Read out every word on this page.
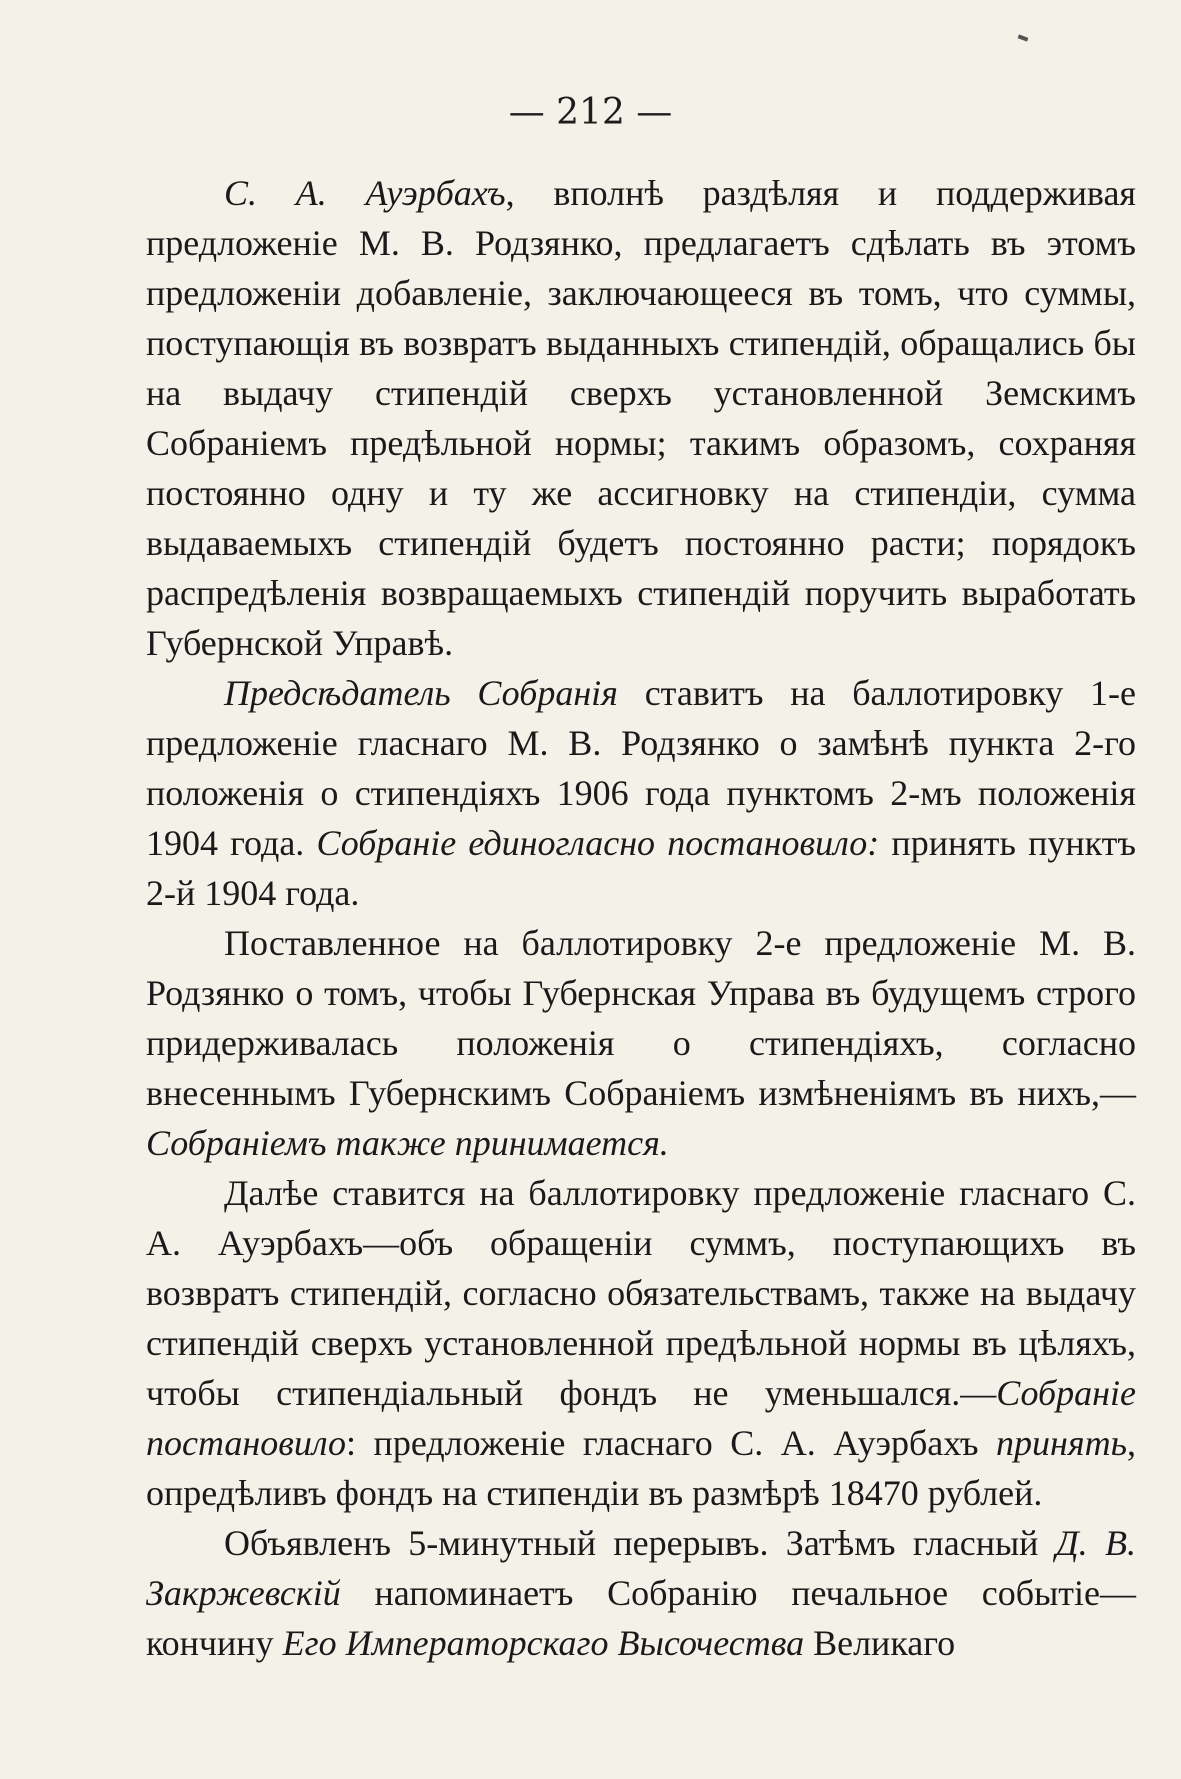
— 212 —

С. А. Ауэрбахъ, вполнѣ раздѣляя и поддерживая предложеніе М. В. Родзянко, предлагаетъ сдѣлать въ этомъ предложеніи добавленіе, заключающееся въ томъ, что суммы, поступающія въ возвратъ выданныхъ стипендій, обращались бы на выдачу стипендій сверхъ установленной Земскимъ Собраніемъ предѣльной нормы; такимъ образомъ, сохраняя постоянно одну и ту же ассигновку на стипендіи, сумма выдаваемыхъ стипендій будетъ постоянно расти; порядокъ распредѣленія возвращаемыхъ стипендій поручить выработать Губернской Управѣ.

Предсѣдатель Собранія ставитъ на баллотировку 1-е предложеніе гласнаго М. В. Родзянко о замѣнѣ пункта 2-го положенія о стипендіяхъ 1906 года пунктомъ 2-мъ положенія 1904 года. Собраніе единогласно постановило: принять пунктъ 2-й 1904 года.

Поставленное на баллотировку 2-е предложеніе М. В. Родзянко о томъ, чтобы Губернская Управа въ будущемъ строго придерживалась положенія о стипендіяхъ, согласно внесеннымъ Губернскимъ Собраніемъ измѣненіямъ въ нихъ,—Собраніемъ также принимается.

Далѣе ставится на баллотировку предложеніе гласнаго С. А. Ауэрбахъ—объ обращеніи суммъ, поступающихъ въ возвратъ стипендій, согласно обязательствамъ, также на выдачу стипендій сверхъ установленной предѣльной нормы въ цѣляхъ, чтобы стипендіальный фондъ не уменьшался.—Собраніе постановило: предложеніе гласнаго С. А. Ауэрбахъ принять, опредѣливъ фондъ на стипендіи въ размѣрѣ 18470 рублей.

Объявленъ 5-минутный перерывъ. Затѣмъ гласный Д. В. Закржевскій напоминаетъ Собранію печальное событіе—кончину Его Императорскаго Высочества Великаго
